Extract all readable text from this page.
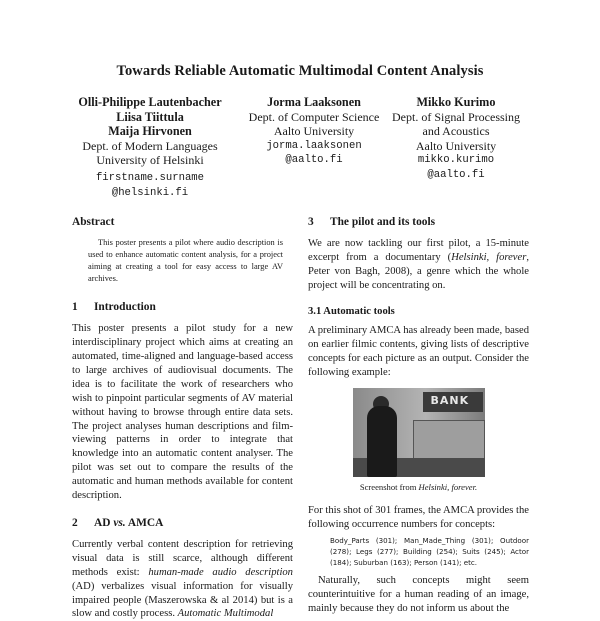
Towards Reliable Automatic Multimodal Content Analysis
Olli-Philippe Lautenbacher
Liisa Tiittula
Maija Hirvonen
Dept. of Modern Languages
University of Helsinki
firstname.surname
@helsinki.fi
Jorma Laaksonen
Dept. of Computer Science
Aalto University
jorma.laaksonen
@aalto.fi
Mikko Kurimo
Dept. of Signal Processing
and Acoustics
Aalto University
mikko.kurimo
@aalto.fi
Abstract

This poster presents a pilot where audio description is used to enhance automatic content analysis, for a project aiming at creating a tool for easy access to large AV archives.

1 Introduction

This poster presents a pilot study for a new interdisciplinary project which aims at creating an automated, time-aligned and language-based access to large archives of audiovisual documents. The idea is to facilitate the work of researchers who wish to pinpoint particular segments of AV material without having to browse through entire data sets. The project analyses human descriptions and film-viewing patterns in order to integrate that knowledge into an automatic content analyser. The pilot was set out to compare the results of the automatic and human methods available for content description.

2 AD vs. AMCA

Currently verbal content description for retrieving visual data is still scarce, although different methods exist: human-made audio description (AD) verbalizes visual information for visually impaired people (Maszerowska & al 2014) but is a slow and costly process. Automatic Multimodal

3 The pilot and its tools

We are now tackling our first pilot, a 15-minute excerpt from a documentary (Helsinki, forever, Peter von Bagh, 2008), a genre which the whole project will be concentrating on.

3.1 Automatic tools

A preliminary AMCA has already been made, based on earlier filmic contents, giving lists of descriptive concepts for each picture as an output. Consider the following example:

BANK
Screenshot from Helsinki, forever.

For this shot of 301 frames, the AMCA provides the following occurrence numbers for concepts:

Body_Parts (301); Man_Made_Thing (301); Outdoor (278); Legs (277); Building (254); Suits (245); Actor (184); Suburban (163); Person (141); etc.

Naturally, such concepts might seem counterintuitive for a human reading of an image, mainly because they do not inform us about the
